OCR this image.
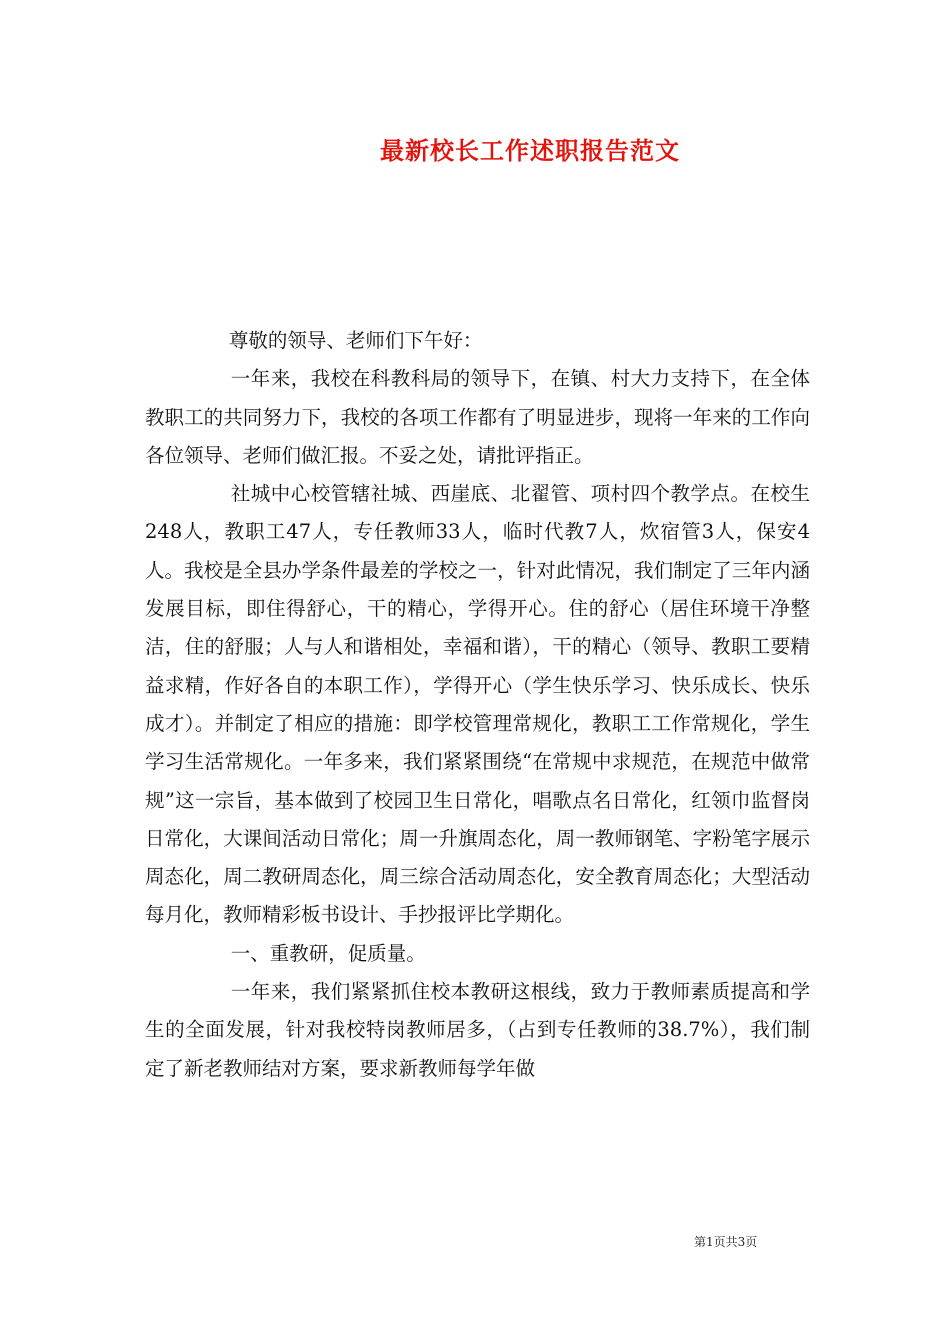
最新校长工作述职报告范文

尊敬的领导、老师们下午好：

一年来，我校在科教科局的领导下，在镇、村大力支持下，在全体教职工的共同努力下，我校的各项工作都有了明显进步，现将一年来的工作向各位领导、老师们做汇报。不妥之处，请批评指正。

社城中心校管辖社城、西崖底、北翟管、项村四个教学点。在校生248人，教职工47人，专任教师33人，临时代教7人，炊宿管3人，保安4人。我校是全县办学条件最差的学校之一，针对此情况，我们制定了三年内涵发展目标，即住得舒心，干的精心，学得开心。住的舒心（居住环境干净整洁，住的舒服；人与人和谐相处，幸福和谐），干的精心（领导、教职工要精益求精，作好各自的本职工作），学得开心（学生快乐学习、快乐成长、快乐成才）。并制定了相应的措施：即学校管理常规化，教职工工作常规化，学生学习生活常规化。一年多来，我们紧紧围绕“在常规中求规范，在规范中做常规”这一宗旨，基本做到了校园卫生日常化，唱歌点名日常化，红领巾监督岗日常化，大课间活动日常化；周一升旗周态化，周一教师钢笔、字粉笔字展示周态化，周二教研周态化，周三综合活动周态化，安全教育周态化；大型活动每月化，教师精彩板书设计、手抄报评比学期化。

一、重教研，促质量。

一年来，我们紧紧抓住校本教研这根线，致力于教师素质提高和学生的全面发展，针对我校特岗教师居多，（占到专任教师的38.7%），我们制定了新老教师结对方案，要求新教师每学年做

第1页共3页
